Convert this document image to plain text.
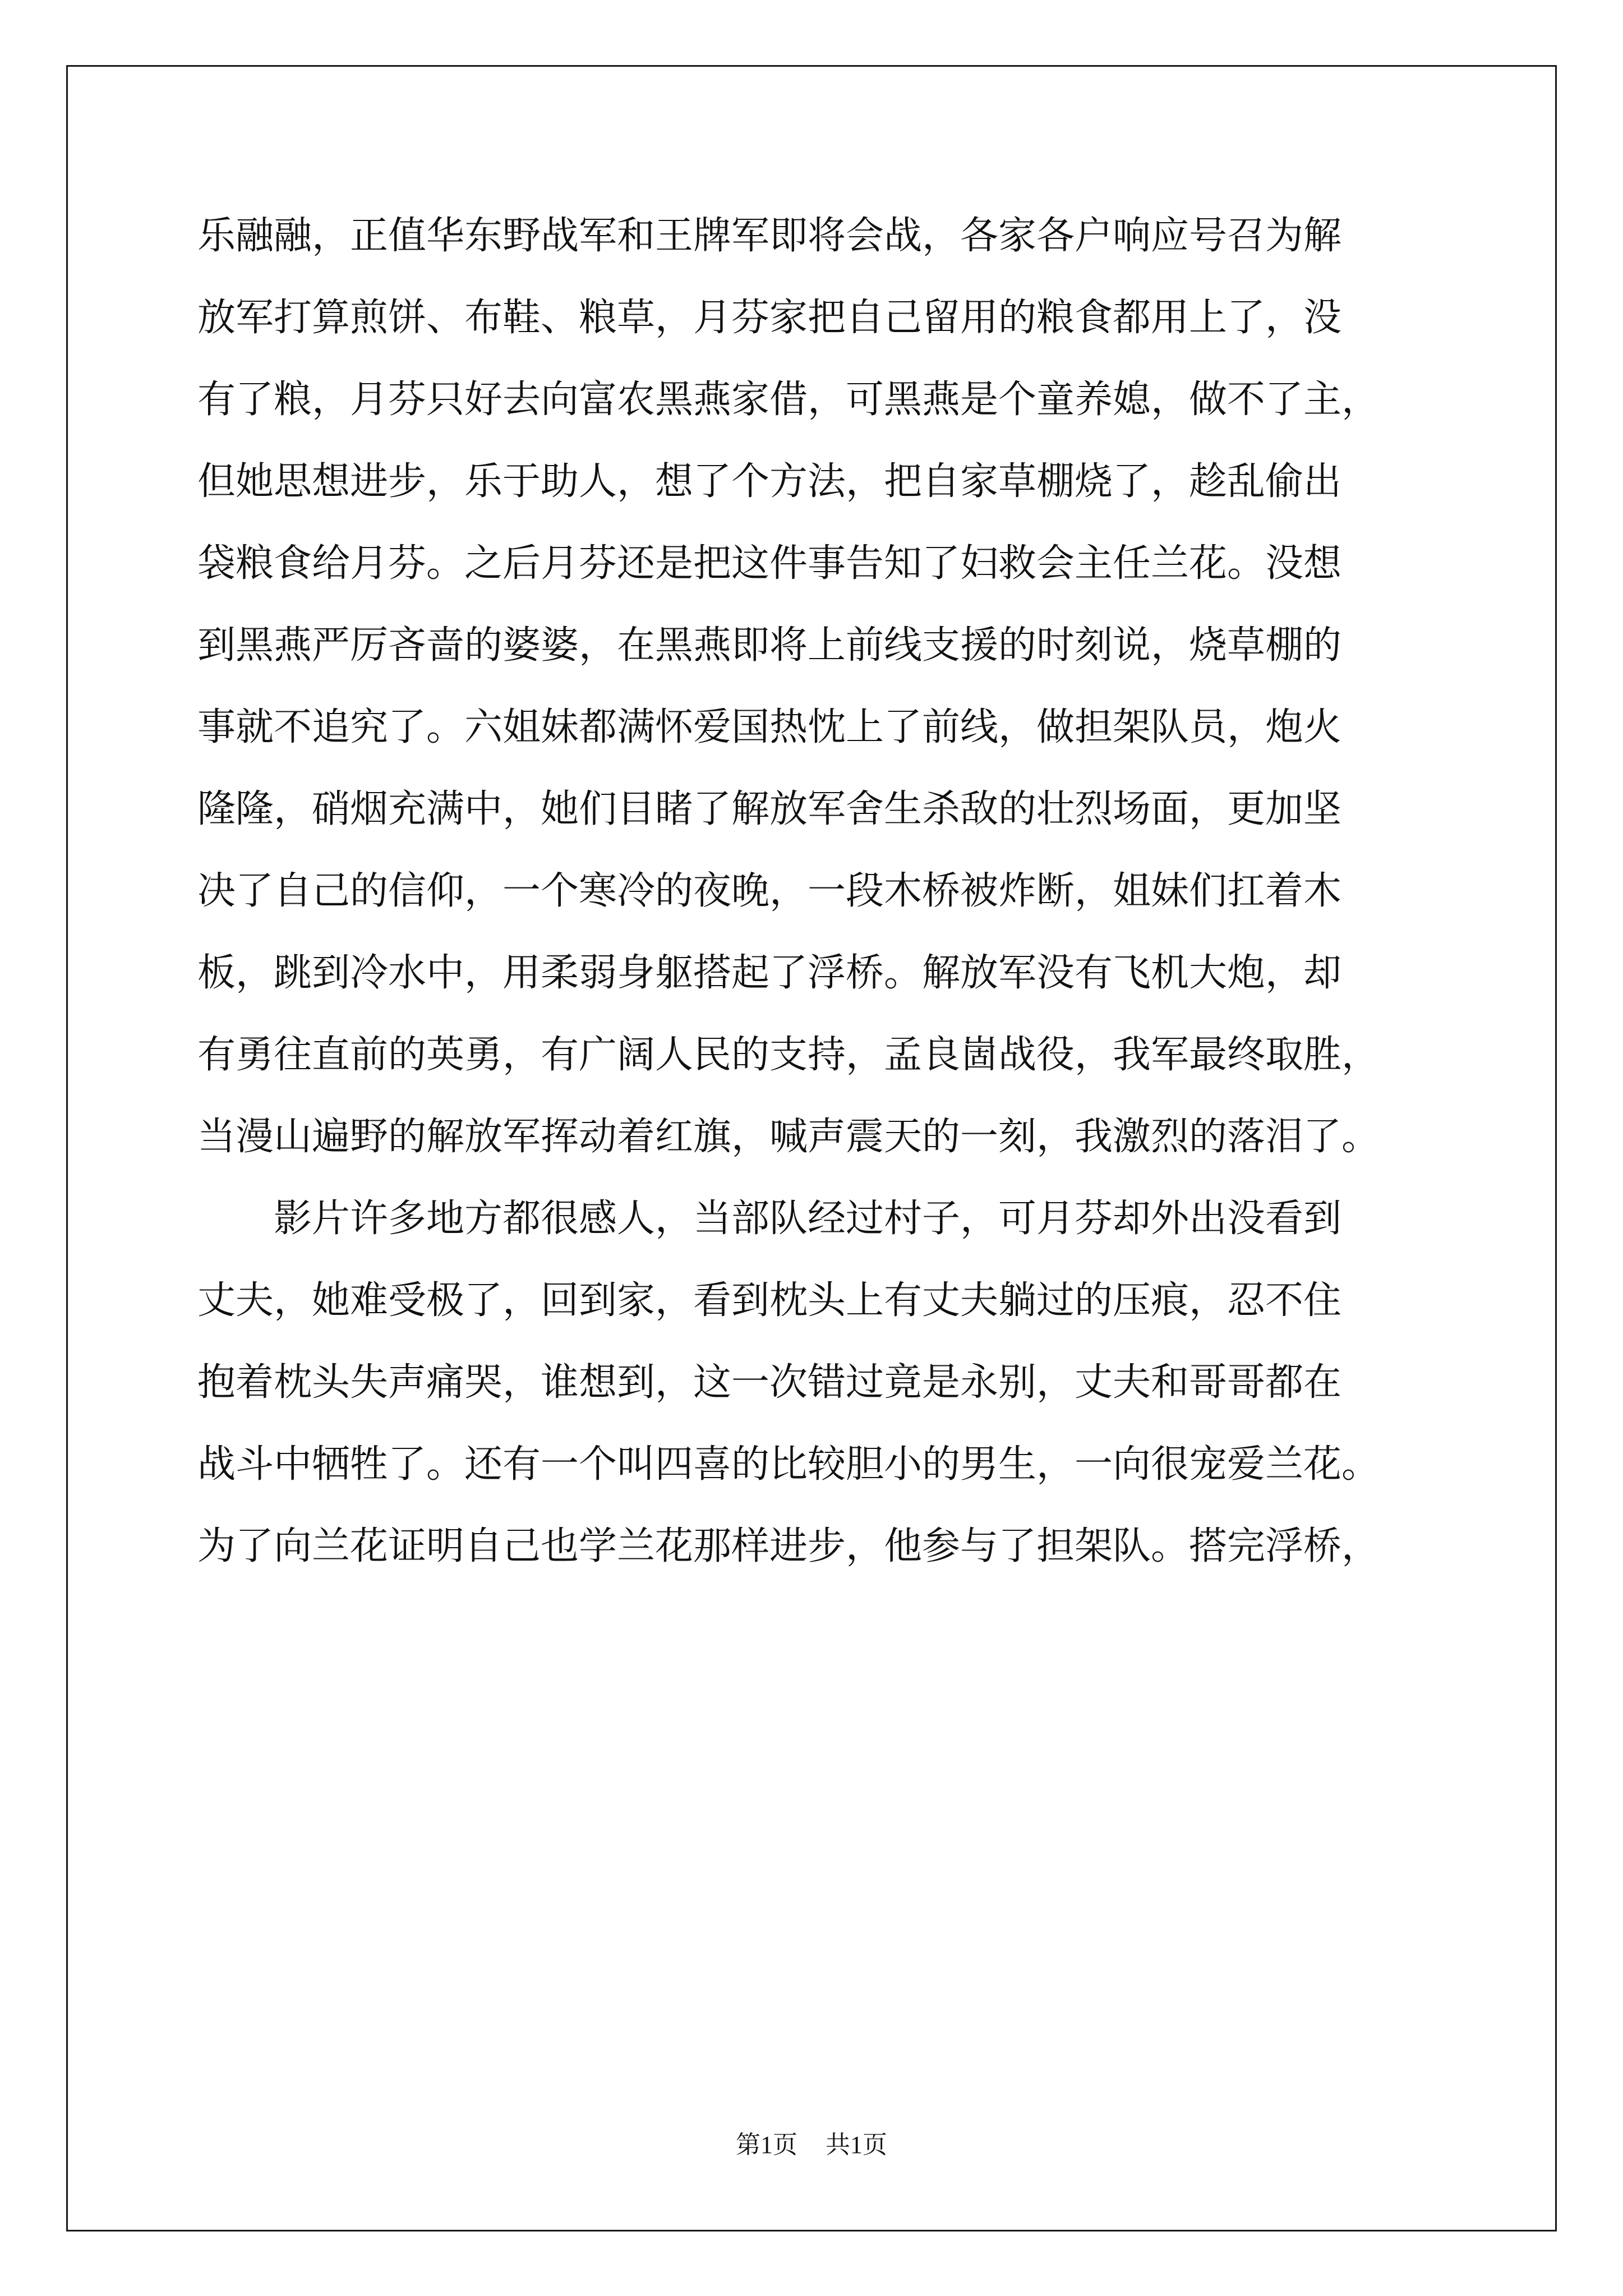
乐融融，正值华东野战军和王牌军即将会战，各家各户响应号召为解
放军打算煎饼、布鞋、粮草，月芬家把自己留用的粮食都用上了，没
有了粮，月芬只好去向富农黑燕家借，可黑燕是个童养媳，做不了主，
但她思想进步，乐于助人，想了个方法，把自家草棚烧了，趁乱偷出
袋粮食给月芬。之后月芬还是把这件事告知了妇救会主任兰花。没想
到黑燕严厉吝啬的婆婆，在黑燕即将上前线支援的时刻说，烧草棚的
事就不追究了。六姐妹都满怀爱国热忱上了前线，做担架队员，炮火
隆隆，硝烟充满中，她们目睹了解放军舍生杀敌的壮烈场面，更加坚
决了自己的信仰，一个寒冷的夜晚，一段木桥被炸断，姐妹们扛着木
板，跳到冷水中，用柔弱身躯搭起了浮桥。解放军没有飞机大炮，却
有勇往直前的英勇，有广阔人民的支持，孟良崮战役，我军最终取胜，
当漫山遍野的解放军挥动着红旗，喊声震天的一刻，我激烈的落泪了。
影片许多地方都很感人，当部队经过村子，可月芬却外出没看到
丈夫，她难受极了，回到家，看到枕头上有丈夫躺过的压痕，忍不住
抱着枕头失声痛哭，谁想到，这一次错过竟是永别，丈夫和哥哥都在
战斗中牺牲了。还有一个叫四喜的比较胆小的男生，一向很宠爱兰花。
为了向兰花证明自己也学兰花那样进步，他参与了担架队。搭完浮桥，
第1页 共1页
